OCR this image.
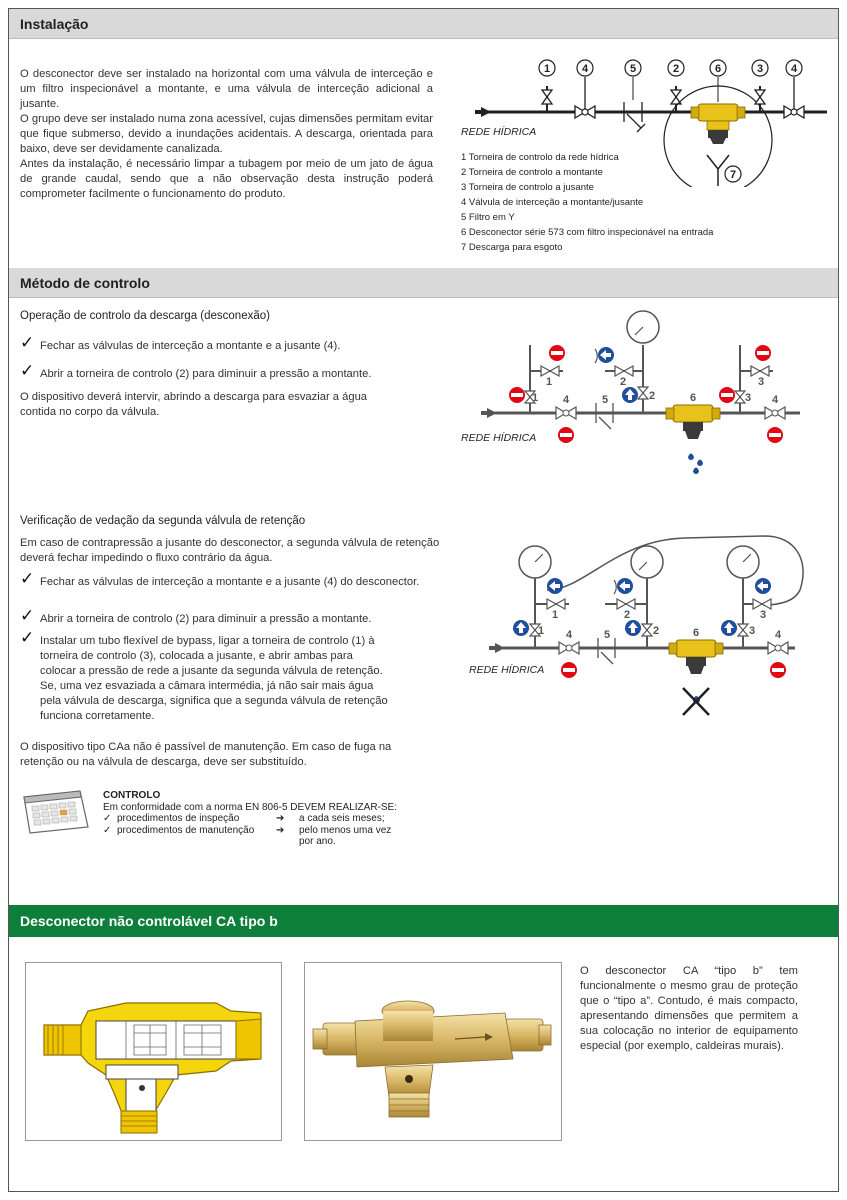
Instalação

O desconector deve ser instalado na horizontal com uma válvula de interceção e um filtro inspecionável a montante, e uma válvula de interceção adicional a jusante.

O grupo deve ser instalado numa zona acessível, cujas dimensões permitam evitar que fique submerso, devido a inundações acidentais. A descarga, orientada para baixo, deve ser devidamente canalizada.

Antes da instalação, é necessário limpar a tubagem por meio de um jato de água de grande caudal, sendo que a não observação desta instrução poderá comprometer facilmente o funcionamento do produto.

1	4	5	2	6	3	4
7
REDE HÍDRICA
1 Torneira de controlo da rede hídrica
2 Torneira de controlo a montante
3 Torneira de controlo a jusante
4 Válvula de interceção a montante/jusante
5 Filtro em Y
6 Desconector série 573 com filtro inspecionável na entrada
7 Descarga para esgoto
Método de controlo
Operação de controlo da descarga (desconexão)
✓ Fechar as válvulas de interceção a montante e a jusante (4).
✓ Abrir a torneira de controlo (2) para diminuir a pressão a montante.
O dispositivo deverá intervir, abrindo a descarga para esvaziar a água contida no corpo da válvula.
1
1
2
2
3
3
4	5	6	4
REDE HÍDRICA
Verificação de vedação da segunda válvula de retenção
Em caso de contrapressão a jusante do desconector, a segunda válvula de retenção deverá fechar impedindo o fluxo contrário da água.
✓ Fechar as válvulas de interceção a montante e a jusante (4) do desconector.
✓ Abrir a torneira de controlo (2) para diminuir a pressão a montante.
✓ Instalar um tubo flexível de bypass, ligar a torneira de controlo (1) à torneira de controlo (3), colocada a jusante, e abrir ambas para colocar a pressão de rede a jusante da segunda válvula de retenção. Se, uma vez esvaziada a câmara intermédia, já não sair mais água pela válvula de descarga, significa que a segunda válvula de retenção funciona corretamente.
O dispositivo tipo CAa não é passível de manutenção. Em caso de fuga na retenção ou na válvula de descarga, deve ser substituído.
1
1
2
2
3
3
4	5	6	4
REDE HÍDRICA
CONTROLO
Em conformidade com a norma EN 806-5 DEVEM REALIZAR-SE:
✓ procedimentos de inspeção	➔ a cada seis meses;
✓ procedimentos de manutenção ➔ pelo menos uma vez por ano.
Desconector não controlável CA tipo b
O desconector CA “tipo b” tem funcionalmente o mesmo grau de proteção que o “tipo a”. Contudo, é mais compacto, apresentando dimensões que permitem a sua colocação no interior de equipamento especial (por exemplo, caldeiras murais).
